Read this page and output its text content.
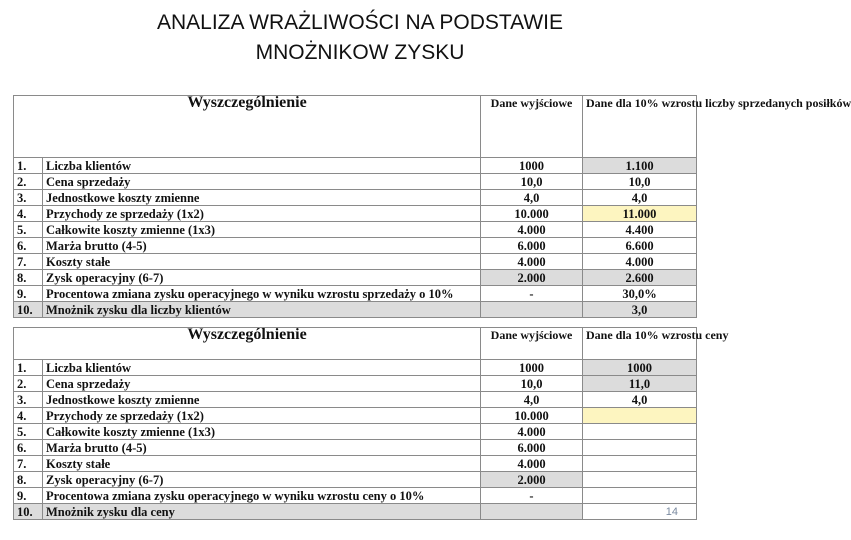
ANALIZA WRAŻLIWOŚCI NA PODSTAWIE
MNOŻNIKOW ZYSKU
Wyszczególnienie		Dane wyjściowe	Dane dla 10% wzrostu liczby sprzedanych posiłków
1.	Liczba klientów	1000	1.100
2.	Cena sprzedaży	10,0	10,0
3.	Jednostkowe koszty zmienne	4,0	4,0
4.	Przychody ze sprzedaży (1x2)	10.000	11.000
5.	Całkowite koszty zmienne (1x3)	4.000	4.400
6.	Marża brutto (4-5)	6.000	6.600
7.	Koszty stałe	4.000	4.000
8.	Zysk operacyjny (6-7)	2.000	2.600
9.	Procentowa zmiana zysku operacyjnego w wyniku wzrostu sprzedaży o 10%	-	30,0%
10.	Mnożnik zysku dla liczby klientów		3,0
Wyszczególnienie		Dane wyjściowe	Dane dla 10% wzrostu ceny
1.	Liczba klientów	1000	1000
2.	Cena sprzedaży	10,0	11,0
3.	Jednostkowe koszty zmienne	4,0	4,0
4.	Przychody ze sprzedaży (1x2)	10.000	
5.	Całkowite koszty zmienne (1x3)	4.000	
6.	Marża brutto (4-5)	6.000	
7.	Koszty stałe	4.000	
8.	Zysk operacyjny (6-7)	2.000	
9.	Procentowa zmiana zysku operacyjnego w wyniku wzrostu ceny o 10%	-	
10.	Mnożnik zysku dla ceny			14
